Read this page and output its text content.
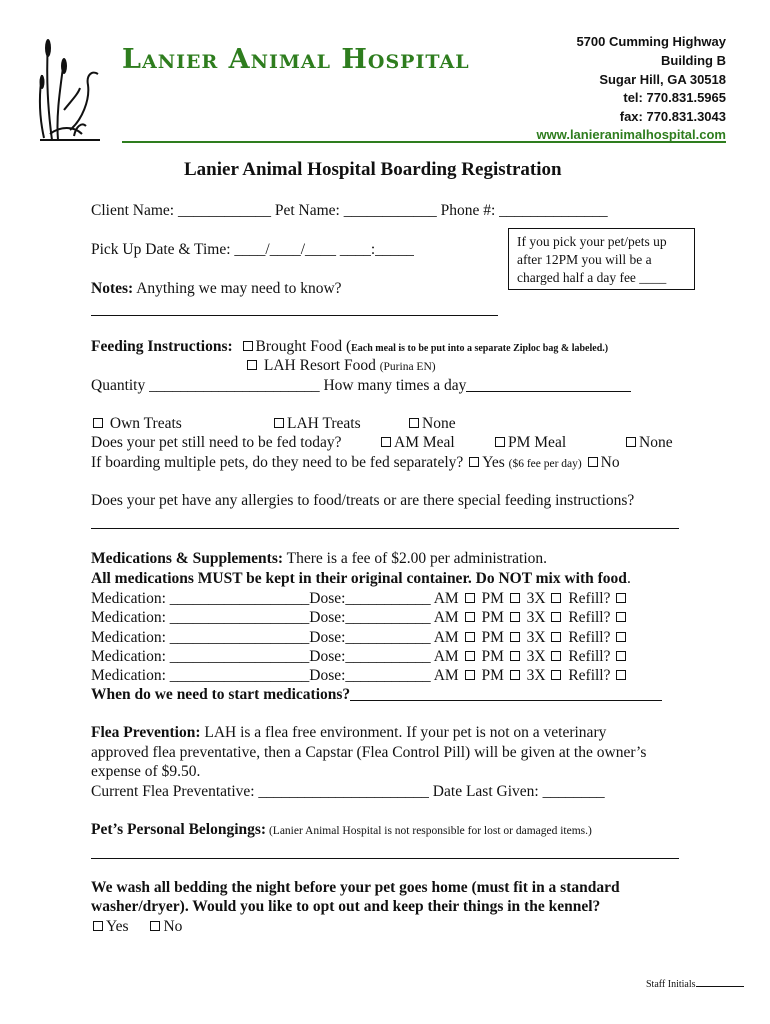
Lanier Animal Hospital
5700 Cumming Highway
Building B
Sugar Hill, GA 30518
tel: 770.831.5965
fax: 770.831.3043
www.lanieranimalhospital.com
Lanier Animal Hospital Boarding Registration
Client Name: ____________ Pet Name: ____________ Phone #: ______________
Pick Up Date & Time: ____/____/____ ____:_____	If you pick your pet/pets up after 12PM you will be a charged half a day fee ____
Notes: Anything we may need to know?
Feeding Instructions: Brought Food (Each meal is to be put into a separate Ziploc bag & labeled.)
LAH Resort Food (Purina EN)
Quantity ______________________ How many times a day
Own Treats	LAH Treats	None
Does your pet still need to be fed today?	AM Meal	PM Meal	None
If boarding multiple pets, do they need to be fed separately? Yes ($6 fee per day) No
Does your pet have any allergies to food/treats or are there special feeding instructions?
Medications & Supplements: There is a fee of $2.00 per administration.
All medications MUST be kept in their original container. Do NOT mix with food.
Medication: __________________Dose:___________ AM PM 3X Refill?
Medication: __________________Dose:___________ AM PM 3X Refill?
Medication: __________________Dose:___________ AM PM 3X Refill?
Medication: __________________Dose:___________ AM PM 3X Refill?
Medication: __________________Dose:___________ AM PM 3X Refill?
When do we need to start medications?
Flea Prevention: LAH is a flea free environment. If your pet is not on a veterinary
approved flea preventative, then a Capstar (Flea Control Pill) will be given at the owner’s
expense of $9.50.
Current Flea Preventative: ______________________ Date Last Given: ________
Pet’s Personal Belongings: (Lanier Animal Hospital is not responsible for lost or damaged items.)
We wash all bedding the night before your pet goes home (must fit in a standard
washer/dryer). Would you like to opt out and keep their things in the kennel?
Yes No
Staff Initials
